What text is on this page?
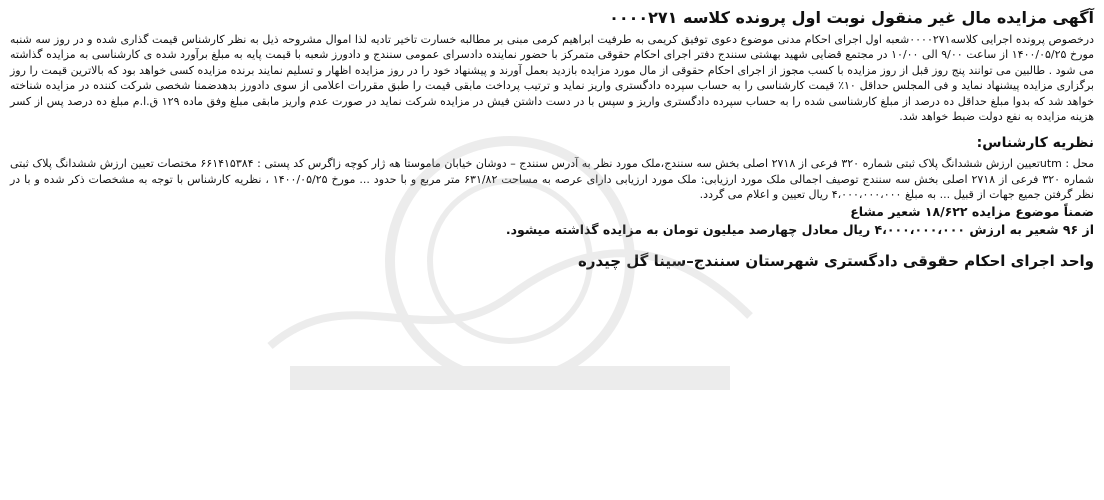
آگهی مزایده مال غیر منقول نوبت اول پرونده کلاسه ۰۰۰۰۲۷۱

درخصوص پرونده اجرایی کلاسه۰۰۰۰۲۷۱شعبه اول اجرای احکام مدنی موضوع دعوی توفیق کریمی به طرفیت ابراهیم کرمی مبنی بر مطالبه خسارت تاخیر تادیه لذا اموال مشروحه ذیل به نظر کارشناس قیمت گذاری شده و در روز سه شنبه مورخ ۱۴۰۰/۰۵/۲۵ از ساعت ۹/۰۰ الی ۱۰/۰۰ در مجتمع قضایی شهید بهشتی سنندج دفتر اجرای احکام حقوقی متمرکز با حضور نماینده دادسرای عمومی سنندج و دادورز شعبه با قیمت پایه به مبلغ برآورد شده ی کارشناسی به مزایده گذاشته می شود . طالبین می توانند پنج روز قبل از روز مزایده با کسب مجوز از اجرای احکام حقوقی از مال مورد مزایده بازدید بعمل آورند و پیشنهاد خود را در روز مزایده اظهار و تسلیم نمایند برنده مزایده کسی خواهد بود که بالاترین قیمت را روز برگزاری مزایده پیشنهاد نماید و فی المجلس حداقل ۱۰٪ قیمت کارشناسی را به حساب سپرده دادگستری واریز نماید و ترتیب پرداخت مابقی قیمت را طبق مقررات اعلامی از سوی دادورز بدهدضمنا شخصی شرکت کننده در مزایده شناخته خواهد شد که بدوا مبلغ حداقل ده درصد از مبلغ کارشناسی شده را به حساب سپرده دادگستری واریز و سپس با در دست داشتن فیش در مزایده شرکت نماید در صورت عدم واریز مابقی مبلغ وفق ماده ۱۲۹ ق.ا.م مبلغ ده درصد پس از کسر هزینه مزایده به نفع دولت ضبط خواهد شد.

نظریه کارشناس:

محل : utmتعیین ارزش ششدانگ پلاک ثبتی شماره ۳۲۰ فرعی از ۲۷۱۸ اصلی بخش سه سنندج،ملک مورد نظر به آدرس سنندج – دوشان خیابان ماموستا هه ژار کوچه زاگرس کد پستی : ۶۶۱۴۱۵۳۸۴ مختصات تعیین ارزش ششدانگ پلاک ثبتی شماره ۳۲۰ فرعی از ۲۷۱۸ اصلی بخش سه سنندج توصیف اجمالی ملک مورد ارزیابی: ملک مورد ارزیابی دارای عرصه به مساحت ۶۳۱/۸۲ متر مربع و با حدود ... مورخ ۱۴۰۰/۰۵/۲۵ ، نظریه کارشناس با توجه به مشخصات ذکر شده و با در نظر گرفتن جمیع جهات از قبیل ... به مبلغ ۴،۰۰۰،۰۰۰،۰۰۰ ریال تعیین و اعلام می گردد.

ضمناً موضوع مزایده ۱۸/۶۲۲ شعیر مشاع

از ۹۶ شعیر به ارزش ۴،۰۰۰،۰۰۰،۰۰۰ ریال معادل چهارصد میلیون تومان به مزایده گذاشته میشود.

واحد اجرای احکام حقوقی دادگستری شهرستان سنندج–سینا گل چیدره
